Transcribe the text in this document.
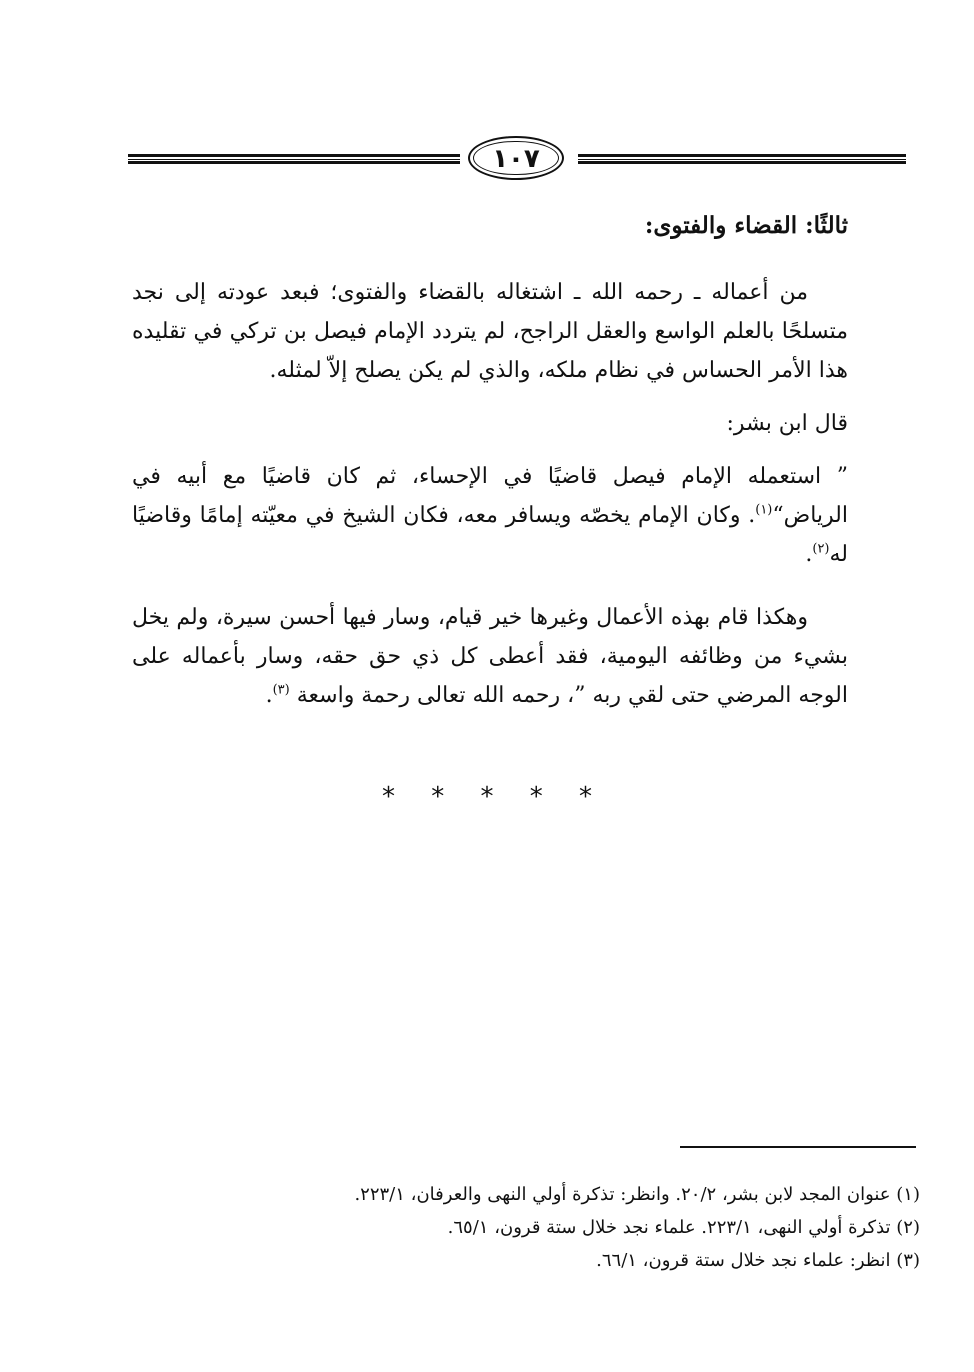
١٠٧

ثالثًا: القضاء والفتوى:

من أعماله ـ رحمه الله ـ اشتغاله بالقضاء والفتوى؛ فبعد عودته إلى نجد متسلحًا بالعلم الواسع والعقل الراجح، لم يتردد الإمام فيصل بن تركي في تقليده هذا الأمر الحساس في نظام ملكه، والذي لم يكن يصلح إلاّ لمثله.

قال ابن بشر:

” استعمله الإمام فيصل قاضيًا في الإحساء، ثم كان قاضيًا مع أبيه في الرياض“$^{(١)}$. وكان الإمام يخصّه ويسافر معه، فكان الشيخ في معيّته إمامًا وقاضيًا له$^{(٢)}$.

وهكذا قام بهذه الأعمال وغيرها خير قيام، وسار فيها أحسن سيرة، ولم يخل بشيء من وظائفه اليومية، فقد أعطى كل ذي حق حقه، وسار بأعماله على الوجه المرضي حتى لقي ربه ”، رحمه الله تعالى رحمة واسعة $^{(٣)}$.

* * * * *
(١) عنوان المجد لابن بشر، ٢٠/٢. وانظر: تذكرة أولي النهى والعرفان، ٢٢٣/١.
(٢) تذكرة أولي النهى، ٢٢٣/١. علماء نجد خلال ستة قرون، ٦٥/١.
(٣) انظر: علماء نجد خلال ستة قرون، ٦٦/١.
